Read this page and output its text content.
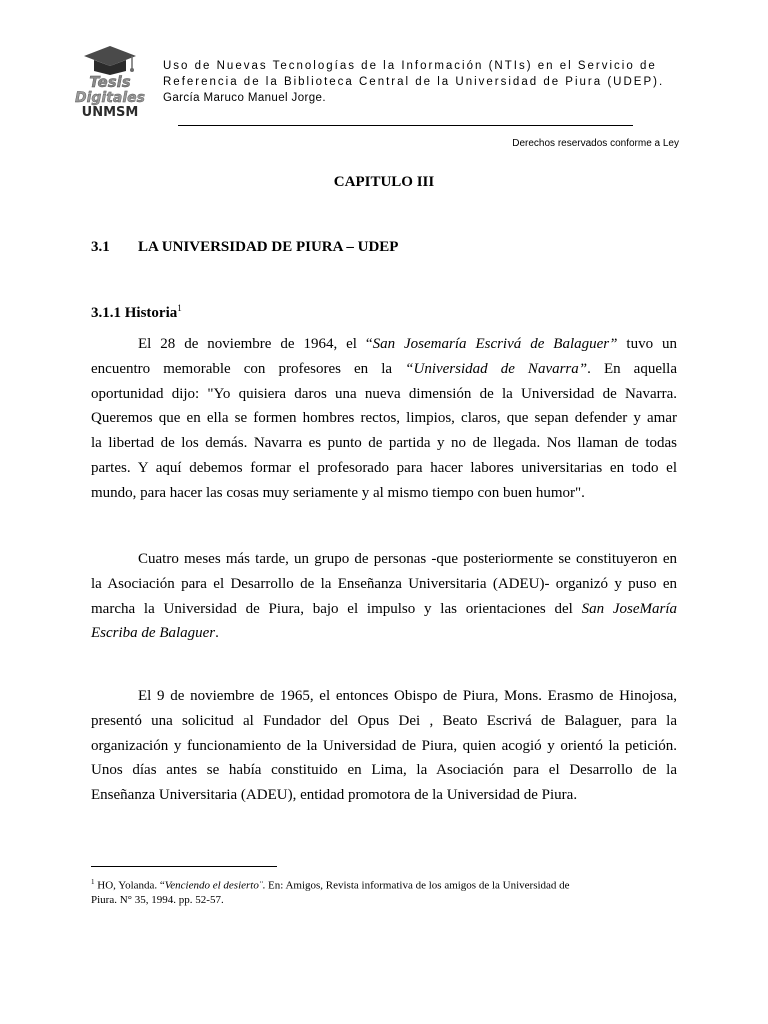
Tesis
Digitales
UNMSM
Uso de Nuevas Tecnologías de la Información (NTIs) en el Servicio de
Referencia de la Biblioteca Central de la Universidad de Piura (UDEP).
García Maruco Manuel Jorge.
Derechos reservados conforme a Ley
CAPITULO III
3.1 LA UNIVERSIDAD DE PIURA – UDEP
3.1.1 Historia$^1$
El 28 de noviembre de 1964, el “San Josemaría Escrivá de Balaguer” tuvo un
encuentro memorable con profesores en la “Universidad de Navarra”. En aquella
oportunidad dijo: "Yo quisiera daros una nueva dimensión de la Universidad de Navarra.
Queremos que en ella se formen hombres rectos, limpios, claros, que sepan defender y amar
la libertad de los demás. Navarra es punto de partida y no de llegada. Nos llaman de todas
partes. Y aquí debemos formar el profesorado para hacer labores universitarias en todo el
mundo, para hacer las cosas muy seriamente y al mismo tiempo con buen humor".
Cuatro meses más tarde, un grupo de personas -que posteriormente se constituyeron en
la Asociación para el Desarrollo de la Enseñanza Universitaria (ADEU)- organizó y puso en
marcha la Universidad de Piura, bajo el impulso y las orientaciones del San JoseMaría
Escriba de Balaguer.
El 9 de noviembre de 1965, el entonces Obispo de Piura, Mons. Erasmo de Hinojosa,
presentó una solicitud al Fundador del Opus Dei , Beato Escrivá de Balaguer, para la
organización y funcionamiento de la Universidad de Piura, quien acogió y orientó la petición.
Unos días antes se había constituido en Lima, la Asociación para el Desarrollo de la
Enseñanza Universitaria (ADEU), entidad promotora de la Universidad de Piura.
$^1$ HO, Yolanda. “Venciendo el desierto¨. En: Amigos, Revista informativa de los amigos de la Universidad de
Piura. N° 35, 1994. pp. 52-57.
